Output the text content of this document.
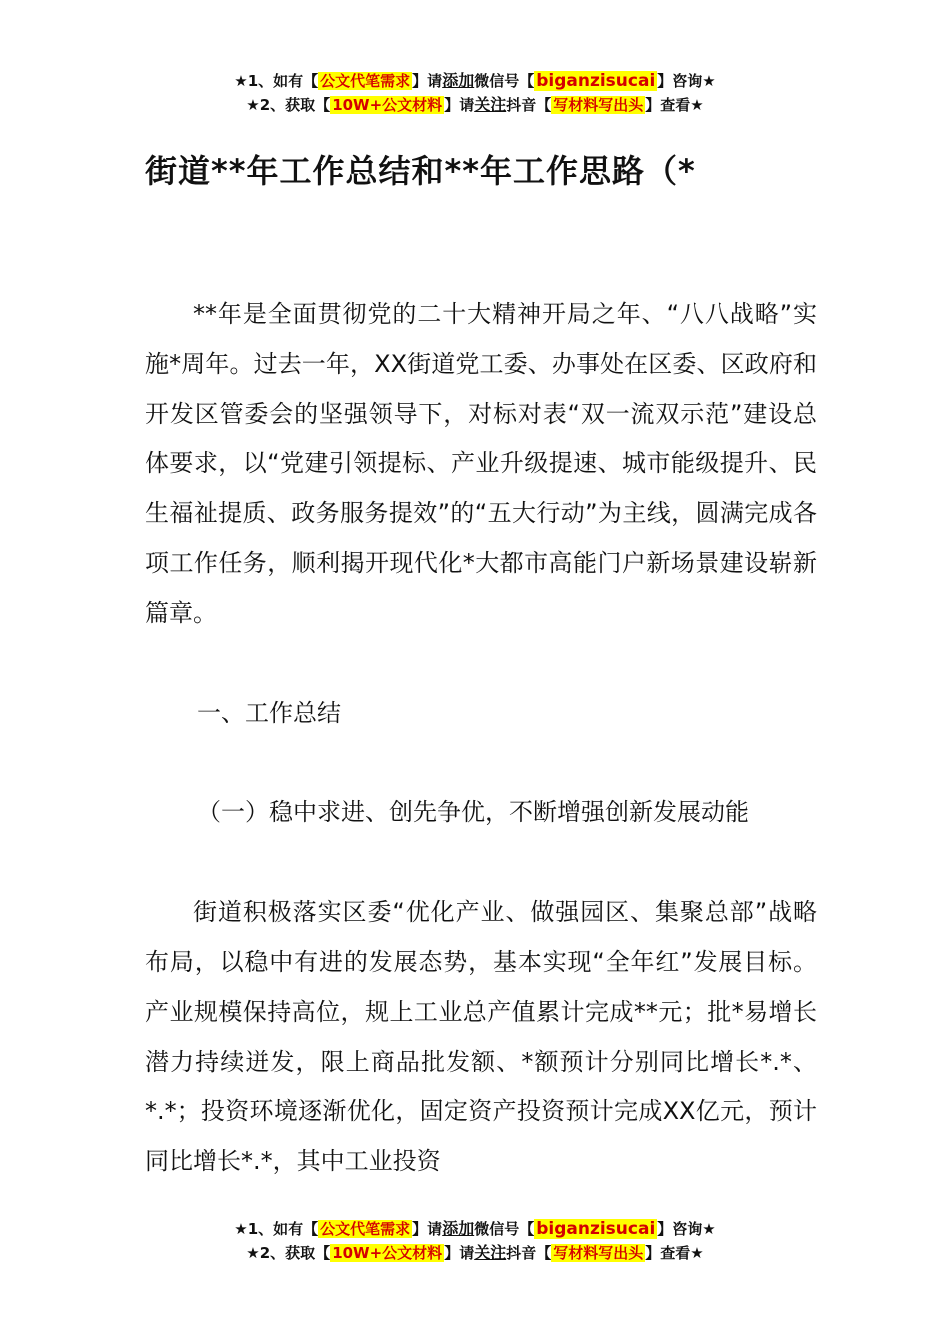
★1、如有【 公文代笔需求 】请添加微信号【 biganzisucai 】咨询★
★2、获取【 10W+公文材料 】请关注抖音【 写材料写出头 】查看★
街道**年工作总结和**年工作思路（*

**年是全面贯彻党的二十大精神开局之年、“八八战略”实施*周年。过去一年，XX街道党工委、办事处在区委、区政府和开发区管委会的坚强领导下，对标对表“双一流双示范”建设总体要求，以“党建引领提标、产业升级提速、城市能级提升、民生福祉提质、政务服务提效”的“五大行动”为主线，圆满完成各项工作任务，顺利揭开现代化*大都市高能门户新场景建设崭新篇章。

一、工作总结
（一）稳中求进、创先争优，不断增强创新发展动能

街道积极落实区委“优化产业、做强园区、集聚总部”战略布局，以稳中有进的发展态势，基本实现“全年红”发展目标。产业规模保持高位，规上工业总产值累计完成**元；批*易增长潜力持续迸发，限上商品批发额、*额预计分别同比增长*.*、*.*；投资环境逐渐优化，固定资产投资预计完成XX亿元，预计同比增长*.*，其中工业投资

★1、如有【 公文代笔需求 】请添加微信号【 biganzisucai 】咨询★
★2、获取【 10W+公文材料 】请关注抖音【 写材料写出头 】查看★
